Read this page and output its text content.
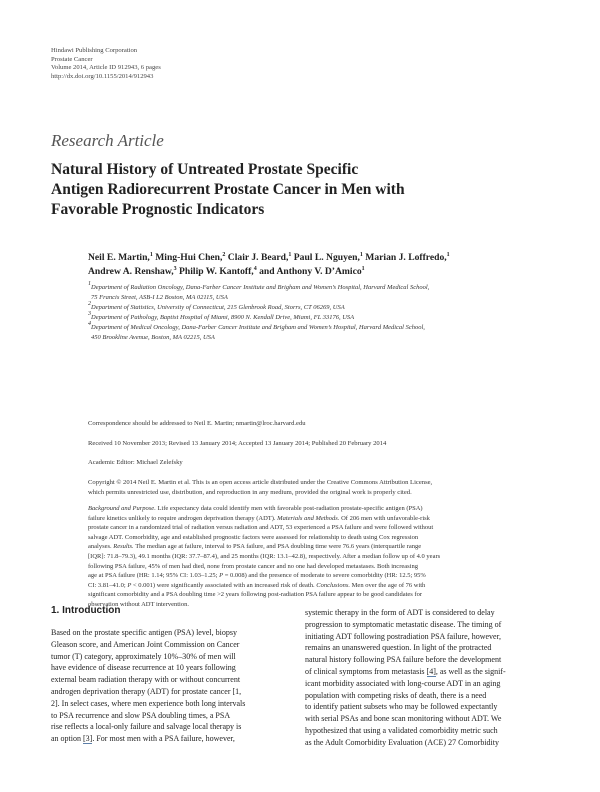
Hindawi Publishing Corporation
Prostate Cancer
Volume 2014, Article ID 912943, 6 pages
http://dx.doi.org/10.1155/2014/912943
Research Article
Natural History of Untreated Prostate Specific
Antigen Radiorecurrent Prostate Cancer in Men with
Favorable Prognostic Indicators
Neil E. Martin,$^1$ Ming-Hui Chen,$^2$ Clair J. Beard,$^1$ Paul L. Nguyen,$^1$ Marian J. Loffredo,$^1$
Andrew A. Renshaw,$^3$ Philip W. Kantoff,$^4$ and Anthony V. D’Amico$^1$
$^1$Department of Radiation Oncology, Dana-Farber Cancer Institute and Brigham and Women’s Hospital, Harvard Medical School,
75 Francis Street, ASB-I L2 Boston, MA 02115, USA
$^2$Department of Statistics, University of Connecticut, 215 Glenbrook Road, Storrs, CT 06269, USA
$^3$Department of Pathology, Baptist Hospital of Miami, 8900 N. Kendall Drive, Miami, FL 33176, USA
$^4$Department of Medical Oncology, Dana-Farber Cancer Institute and Brigham and Women’s Hospital, Harvard Medical School,
450 Brookline Avenue, Boston, MA 02215, USA
Correspondence should be addressed to Neil E. Martin; nmartin@lroc.harvard.edu
Received 10 November 2013; Revised 13 January 2014; Accepted 13 January 2014; Published 20 February 2014
Academic Editor: Michael Zelefsky
Copyright © 2014 Neil E. Martin et al. This is an open access article distributed under the Creative Commons Attribution License,
which permits unrestricted use, distribution, and reproduction in any medium, provided the original work is properly cited.
Background and Purpose. Life expectancy data could identify men with favorable post-radiation prostate-specific antigen (PSA)
failure kinetics unlikely to require androgen deprivation therapy (ADT). Materials and Methods. Of 206 men with unfavorable-risk
prostate cancer in a randomized trial of radiation versus radiation and ADT, 53 experienced a PSA failure and were followed without
salvage ADT. Comorbidity, age and established prognostic factors were assessed for relationship to death using Cox regression
analyses. Results. The median age at failure, interval to PSA failure, and PSA doubling time were 76.6 years (interquartile range
[IQR]: 71.8–79.3), 49.1 months (IQR: 37.7–87.4), and 25 months (IQR: 13.1–42.8), respectively. After a median follow up of 4.0 years
following PSA failure, 45% of men had died, none from prostate cancer and no one had developed metastases. Both increasing
age at PSA failure (HR: 1.14; 95% CI: 1.03–1.25; P = 0.008) and the presence of moderate to severe comorbidity (HR: 12.5; 95%
CI: 3.81–41.0; P < 0.001) were significantly associated with an increased risk of death. Conclusions. Men over the age of 76 with
significant comorbidity and a PSA doubling time >2 years following post-radiation PSA failure appear to be good candidates for
observation without ADT intervention.
1. Introduction
Based on the prostate specific antigen (PSA) level, biopsy
Gleason score, and American Joint Commission on Cancer
tumor (T) category, approximately 10%–30% of men will
have evidence of disease recurrence at 10 years following
external beam radiation therapy with or without concurrent
androgen deprivation therapy (ADT) for prostate cancer [1,
2]. In select cases, where men experience both long intervals
to PSA recurrence and slow PSA doubling times, a PSA
rise reflects a local-only failure and salvage local therapy is
an option [3]. For most men with a PSA failure, however,
systemic therapy in the form of ADT is considered to delay
progression to symptomatic metastatic disease. The timing of
initiating ADT following postradiation PSA failure, however,
remains an unanswered question. In light of the protracted
natural history following PSA failure before the development
of clinical symptoms from metastasis [4], as well as the signif-
icant morbidity associated with long-course ADT in an aging
population with competing risks of death, there is a need
to identify patient subsets who may be followed expectantly
with serial PSAs and bone scan monitoring without ADT. We
hypothesized that using a validated comorbidity metric such
as the Adult Comorbidity Evaluation (ACE) 27 Comorbidity
